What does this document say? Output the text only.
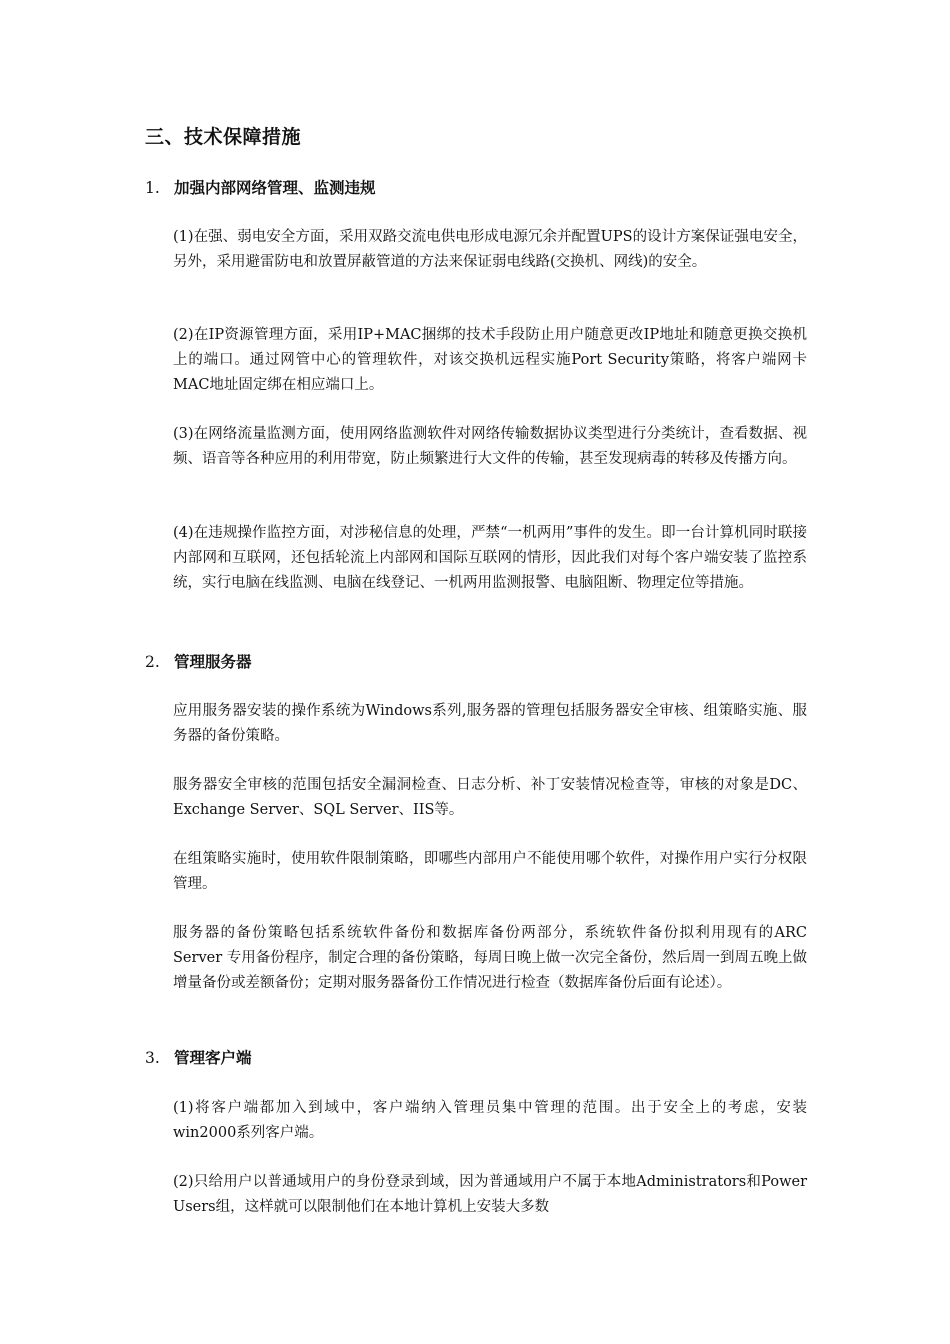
三、技术保障措施
1. 加强内部网络管理、监测违规

(1)在强、弱电安全方面，采用双路交流电供电形成电源冗余并配置UPS的设计方案保证强电安全，另外，采用避雷防电和放置屏蔽管道的方法来保证弱电线路(交换机、网线)的安全。

(2)在IP资源管理方面，采用IP+MAC捆绑的技术手段防止用户随意更改IP地址和随意更换交换机上的端口。通过网管中心的管理软件，对该交换机远程实施Port Security策略，将客户端网卡MAC地址固定绑在相应端口上。

(3)在网络流量监测方面，使用网络监测软件对网络传输数据协议类型进行分类统计，查看数据、视频、语音等各种应用的利用带宽，防止频繁进行大文件的传输，甚至发现病毒的转移及传播方向。

(4)在违规操作监控方面，对涉秘信息的处理，严禁“一机两用”事件的发生。即一台计算机同时联接内部网和互联网，还包括轮流上内部网和国际互联网的情形，因此我们对每个客户端安装了监控系统，实行电脑在线监测、电脑在线登记、一机两用监测报警、电脑阻断、物理定位等措施。

2. 管理服务器

应用服务器安装的操作系统为Windows系列,服务器的管理包括服务器安全审核、组策略实施、服务器的备份策略。

服务器安全审核的范围包括安全漏洞检查、日志分析、补丁安装情况检查等，审核的对象是DC、Exchange Server、SQL Server、IIS等。

在组策略实施时，使用软件限制策略，即哪些内部用户不能使用哪个软件，对操作用户实行分权限管理。

服务器的备份策略包括系统软件备份和数据库备份两部分，系统软件备份拟利用现有的ARC Server 专用备份程序，制定合理的备份策略，每周日晚上做一次完全备份，然后周一到周五晚上做增量备份或差额备份；定期对服务器备份工作情况进行检查（数据库备份后面有论述）。

3. 管理客户端

(1)将客户端都加入到域中，客户端纳入管理员集中管理的范围。出于安全上的考虑，安装win2000系列客户端。

(2)只给用户以普通域用户的身份登录到域，因为普通域用户不属于本地Administrators和Power Users组，这样就可以限制他们在本地计算机上安装大多数
